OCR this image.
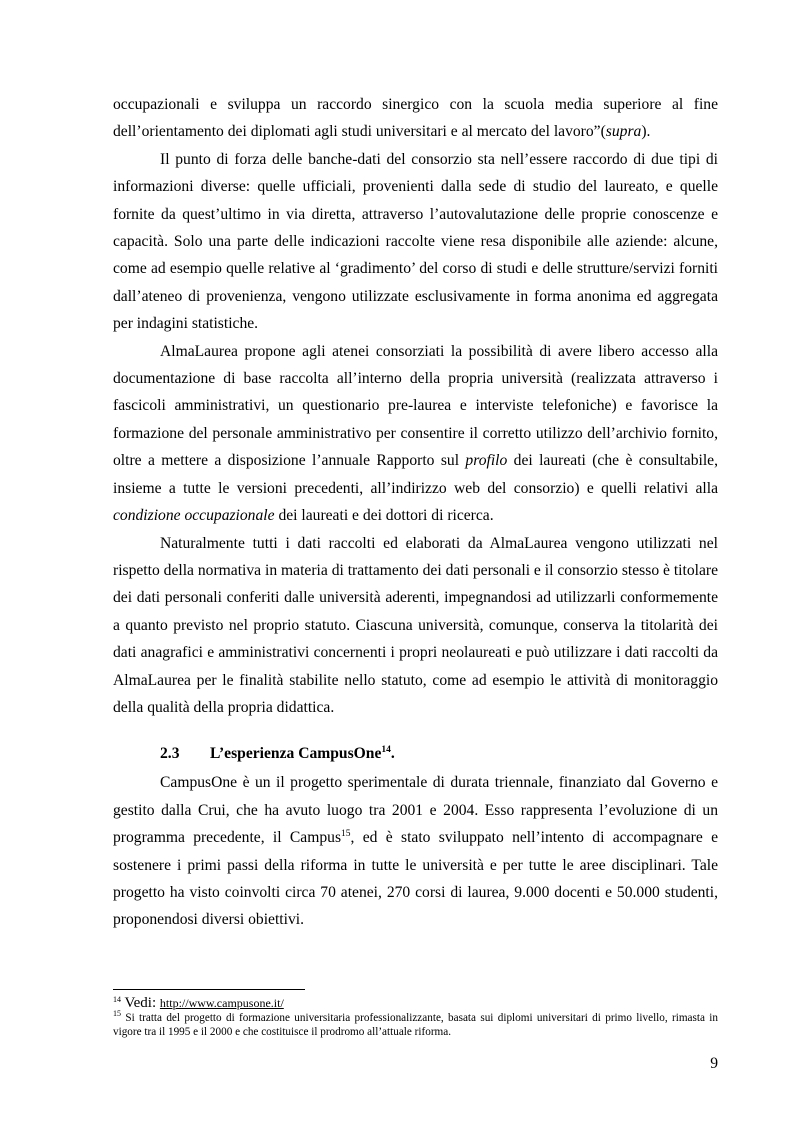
occupazionali e sviluppa un raccordo sinergico con la scuola media superiore al fine dell’orientamento dei diplomati agli studi universitari e al mercato del lavoro”(supra).

Il punto di forza delle banche-dati del consorzio sta nell’essere raccordo di due tipi di informazioni diverse: quelle ufficiali, provenienti dalla sede di studio del laureato, e quelle fornite da quest’ultimo in via diretta, attraverso l’autovalutazione delle proprie conoscenze e capacità. Solo una parte delle indicazioni raccolte viene resa disponibile alle aziende: alcune, come ad esempio quelle relative al ‘gradimento’ del corso di studi e delle strutture/servizi forniti dall’ateneo di provenienza, vengono utilizzate esclusivamente in forma anonima ed aggregata per indagini statistiche.

AlmaLaurea propone agli atenei consorziati la possibilità di avere libero accesso alla documentazione di base raccolta all’interno della propria università (realizzata attraverso i fascicoli amministrativi, un questionario pre-laurea e interviste telefoniche) e favorisce la formazione del personale amministrativo per consentire il corretto utilizzo dell’archivio fornito, oltre a mettere a disposizione l’annuale Rapporto sul profilo dei laureati (che è consultabile, insieme a tutte le versioni precedenti, all’indirizzo web del consorzio) e quelli relativi alla condizione occupazionale dei laureati e dei dottori di ricerca.

Naturalmente tutti i dati raccolti ed elaborati da AlmaLaurea vengono utilizzati nel rispetto della normativa in materia di trattamento dei dati personali e il consorzio stesso è titolare dei dati personali conferiti dalle università aderenti, impegnandosi ad utilizzarli conformemente a quanto previsto nel proprio statuto. Ciascuna università, comunque, conserva la titolarità dei dati anagrafici e amministrativi concernenti i propri neolaureati e può utilizzare i dati raccolti da AlmaLaurea per le finalità stabilite nello statuto, come ad esempio le attività di monitoraggio della qualità della propria didattica.

2.3	L’esperienza CampusOne$^{14}$.

CampusOne è un il progetto sperimentale di durata triennale, finanziato dal Governo e gestito dalla Crui, che ha avuto luogo tra 2001 e 2004. Esso rappresenta l’evoluzione di un programma precedente, il Campus$^{15}$, ed è stato sviluppato nell’intento di accompagnare e sostenere i primi passi della riforma in tutte le università e per tutte le aree disciplinari. Tale progetto ha visto coinvolti circa 70 atenei, 270 corsi di laurea, 9.000 docenti e 50.000 studenti, proponendosi diversi obiettivi.

$^{14}$ Vedi: http://www.campusone.it/

$^{15}$ Si tratta del progetto di formazione universitaria professionalizzante, basata sui diplomi universitari di primo livello, rimasta in vigore tra il 1995 e il 2000 e che costituisce il prodromo all’attuale riforma.

9
